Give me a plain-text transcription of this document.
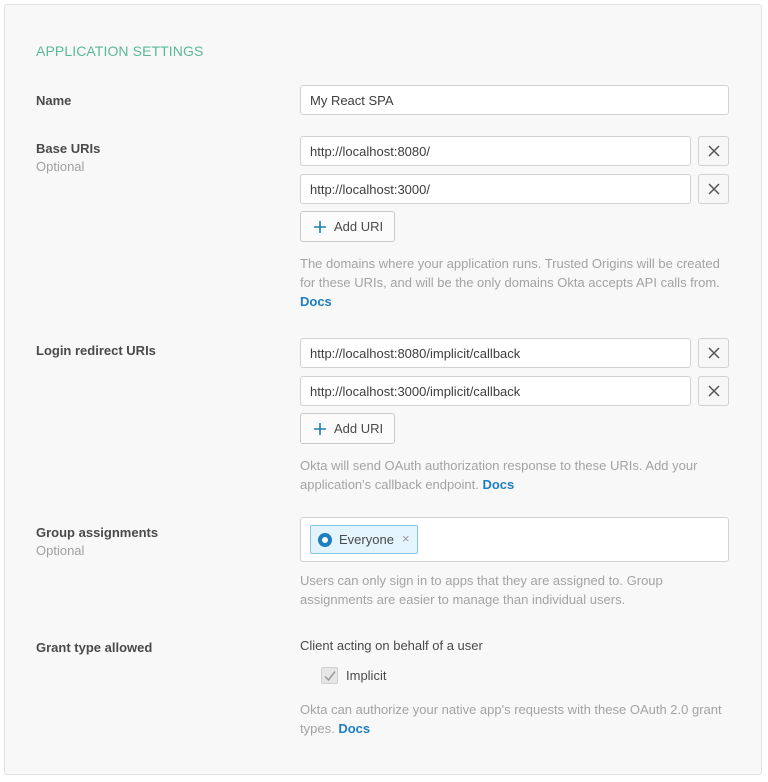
APPLICATION SETTINGS
Name
My React SPA
Base URIs
Optional
http://localhost:8080/
http://localhost:3000/
Add URI
The domains where your application runs. Trusted Origins will be created for these URIs, and will be the only domains Okta accepts API calls from. Docs
Login redirect URIs
http://localhost:8080/implicit/callback
http://localhost:3000/implicit/callback
Add URI
Okta will send OAuth authorization response to these URIs. Add your application's callback endpoint. Docs
Group assignments
Optional
Everyone ×
Users can only sign in to apps that they are assigned to. Group assignments are easier to manage than individual users.
Grant type allowed	Client acting on behalf of a user
Implicit
Okta can authorize your native app's requests with these OAuth 2.0 grant types. Docs
